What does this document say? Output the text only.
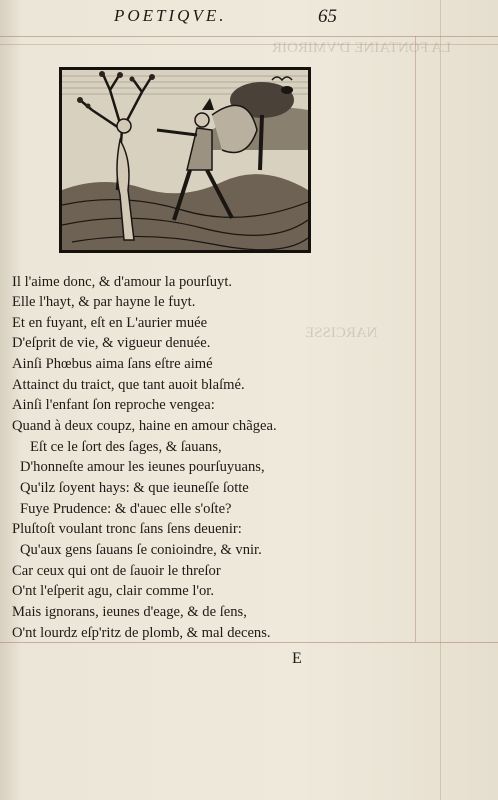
LA FONTAINE D'VMIROIR
NARCISSE
POETIQVE.	65
Il l'aime donc, & d'amour la pourſuyt.
Elle l'hayt, & par hayne le fuyt.
Et en fuyant, eſt en L'aurier muée
D'eſprit de vie, & vigueur denuée.
Ainſi Phœbus aima ſans eſtre aimé
Attainct du traict, que tant auoit blaſmé.
Ainſi l'enfant ſon reproche vengea:
Quand à deux coupz, haine en amour chãgea.
Eſt ce le ſort des ſages, & ſauans,
D'honneſte amour les ieunes pourſuyuans,
Qu'ilz ſoyent hays: & que ieuneſſe ſotte
Fuye Prudence: & d'auec elle s'oſte?
Pluſtoſt voulant tronc ſans ſens deuenir:
Qu'aux gens ſauans ſe conioindre, & vnir.
Car ceux qui ont de ſauoir le threſor
O'nt l'eſperit agu, clair comme l'or.
Mais ignorans, ieunes d'eage, & de ſens,
O'nt lourdz eſp'ritz de plomb, & mal decens.
E
